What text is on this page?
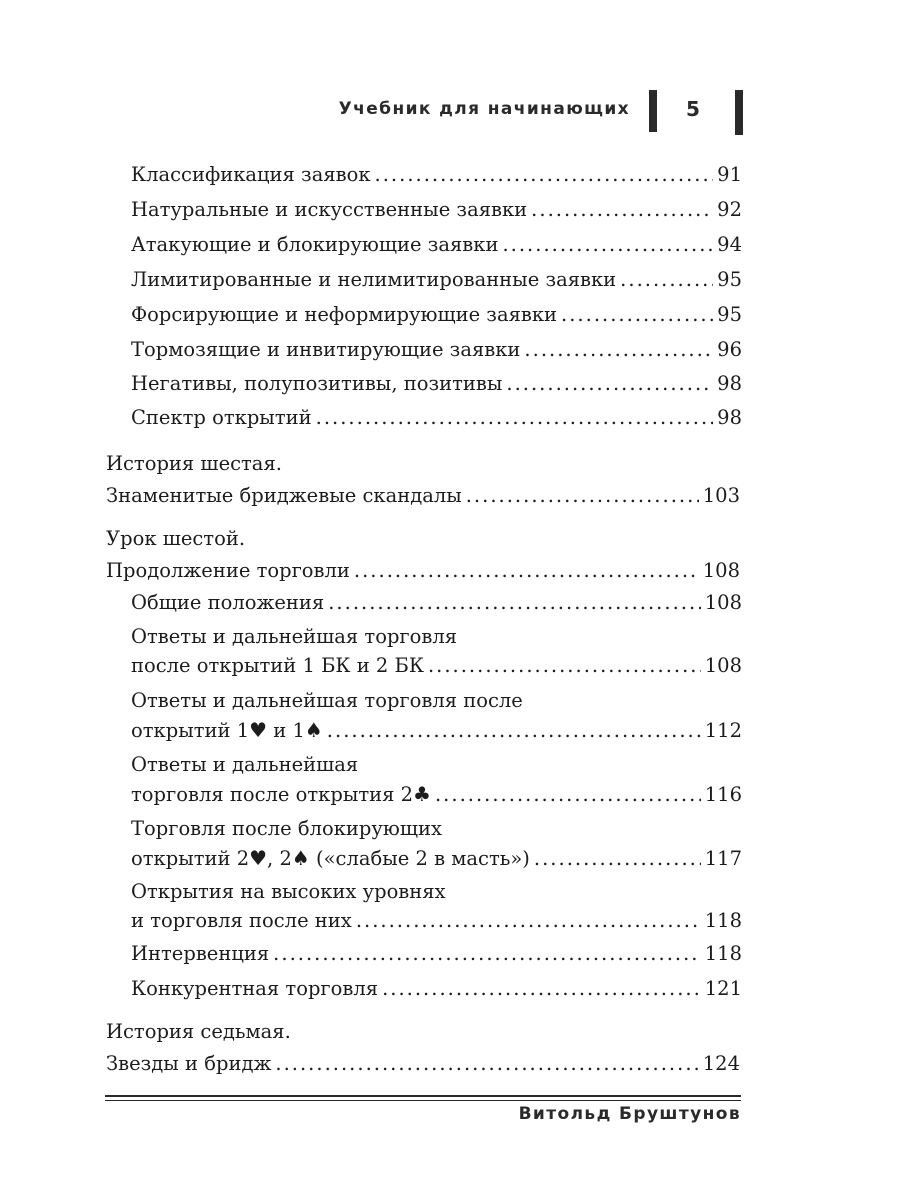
Учебник для начинающих	5
Классификация заявок .....	91
Натуральные и искусственные заявки .....	92
Атакующие и блокирующие заявки .....	94
Лимитированные и нелимитированные заявки .....	95
Форсирующие и неформирующие заявки .....	95
Тормозящие и инвитирующие заявки .....	96
Негативы, полупозитивы, позитивы .....	98
Спектр открытий .....	98
История шестая.
Знаменитые бриджевые скандалы .....	103
Урок шестой.
Продолжение торговли .....	108
Общие положения .....	108
Ответы и дальнейшая торговля
после открытий 1 БК и 2 БК .....	108
Ответы и дальнейшая торговля после
открытий 1♥ и 1♠ .....	112
Ответы и дальнейшая
торговля после открытия 2♣ .....	116
Торговля после блокирующих
открытий 2♥, 2♠ («слабые 2 в масть») .....	117
Открытия на высоких уровнях
и торговля после них .....	118
Интервенция .....	118
Конкурентная торговля .....	121
История седьмая.
Звезды и бридж .....	124
Витольд Бруштунов
